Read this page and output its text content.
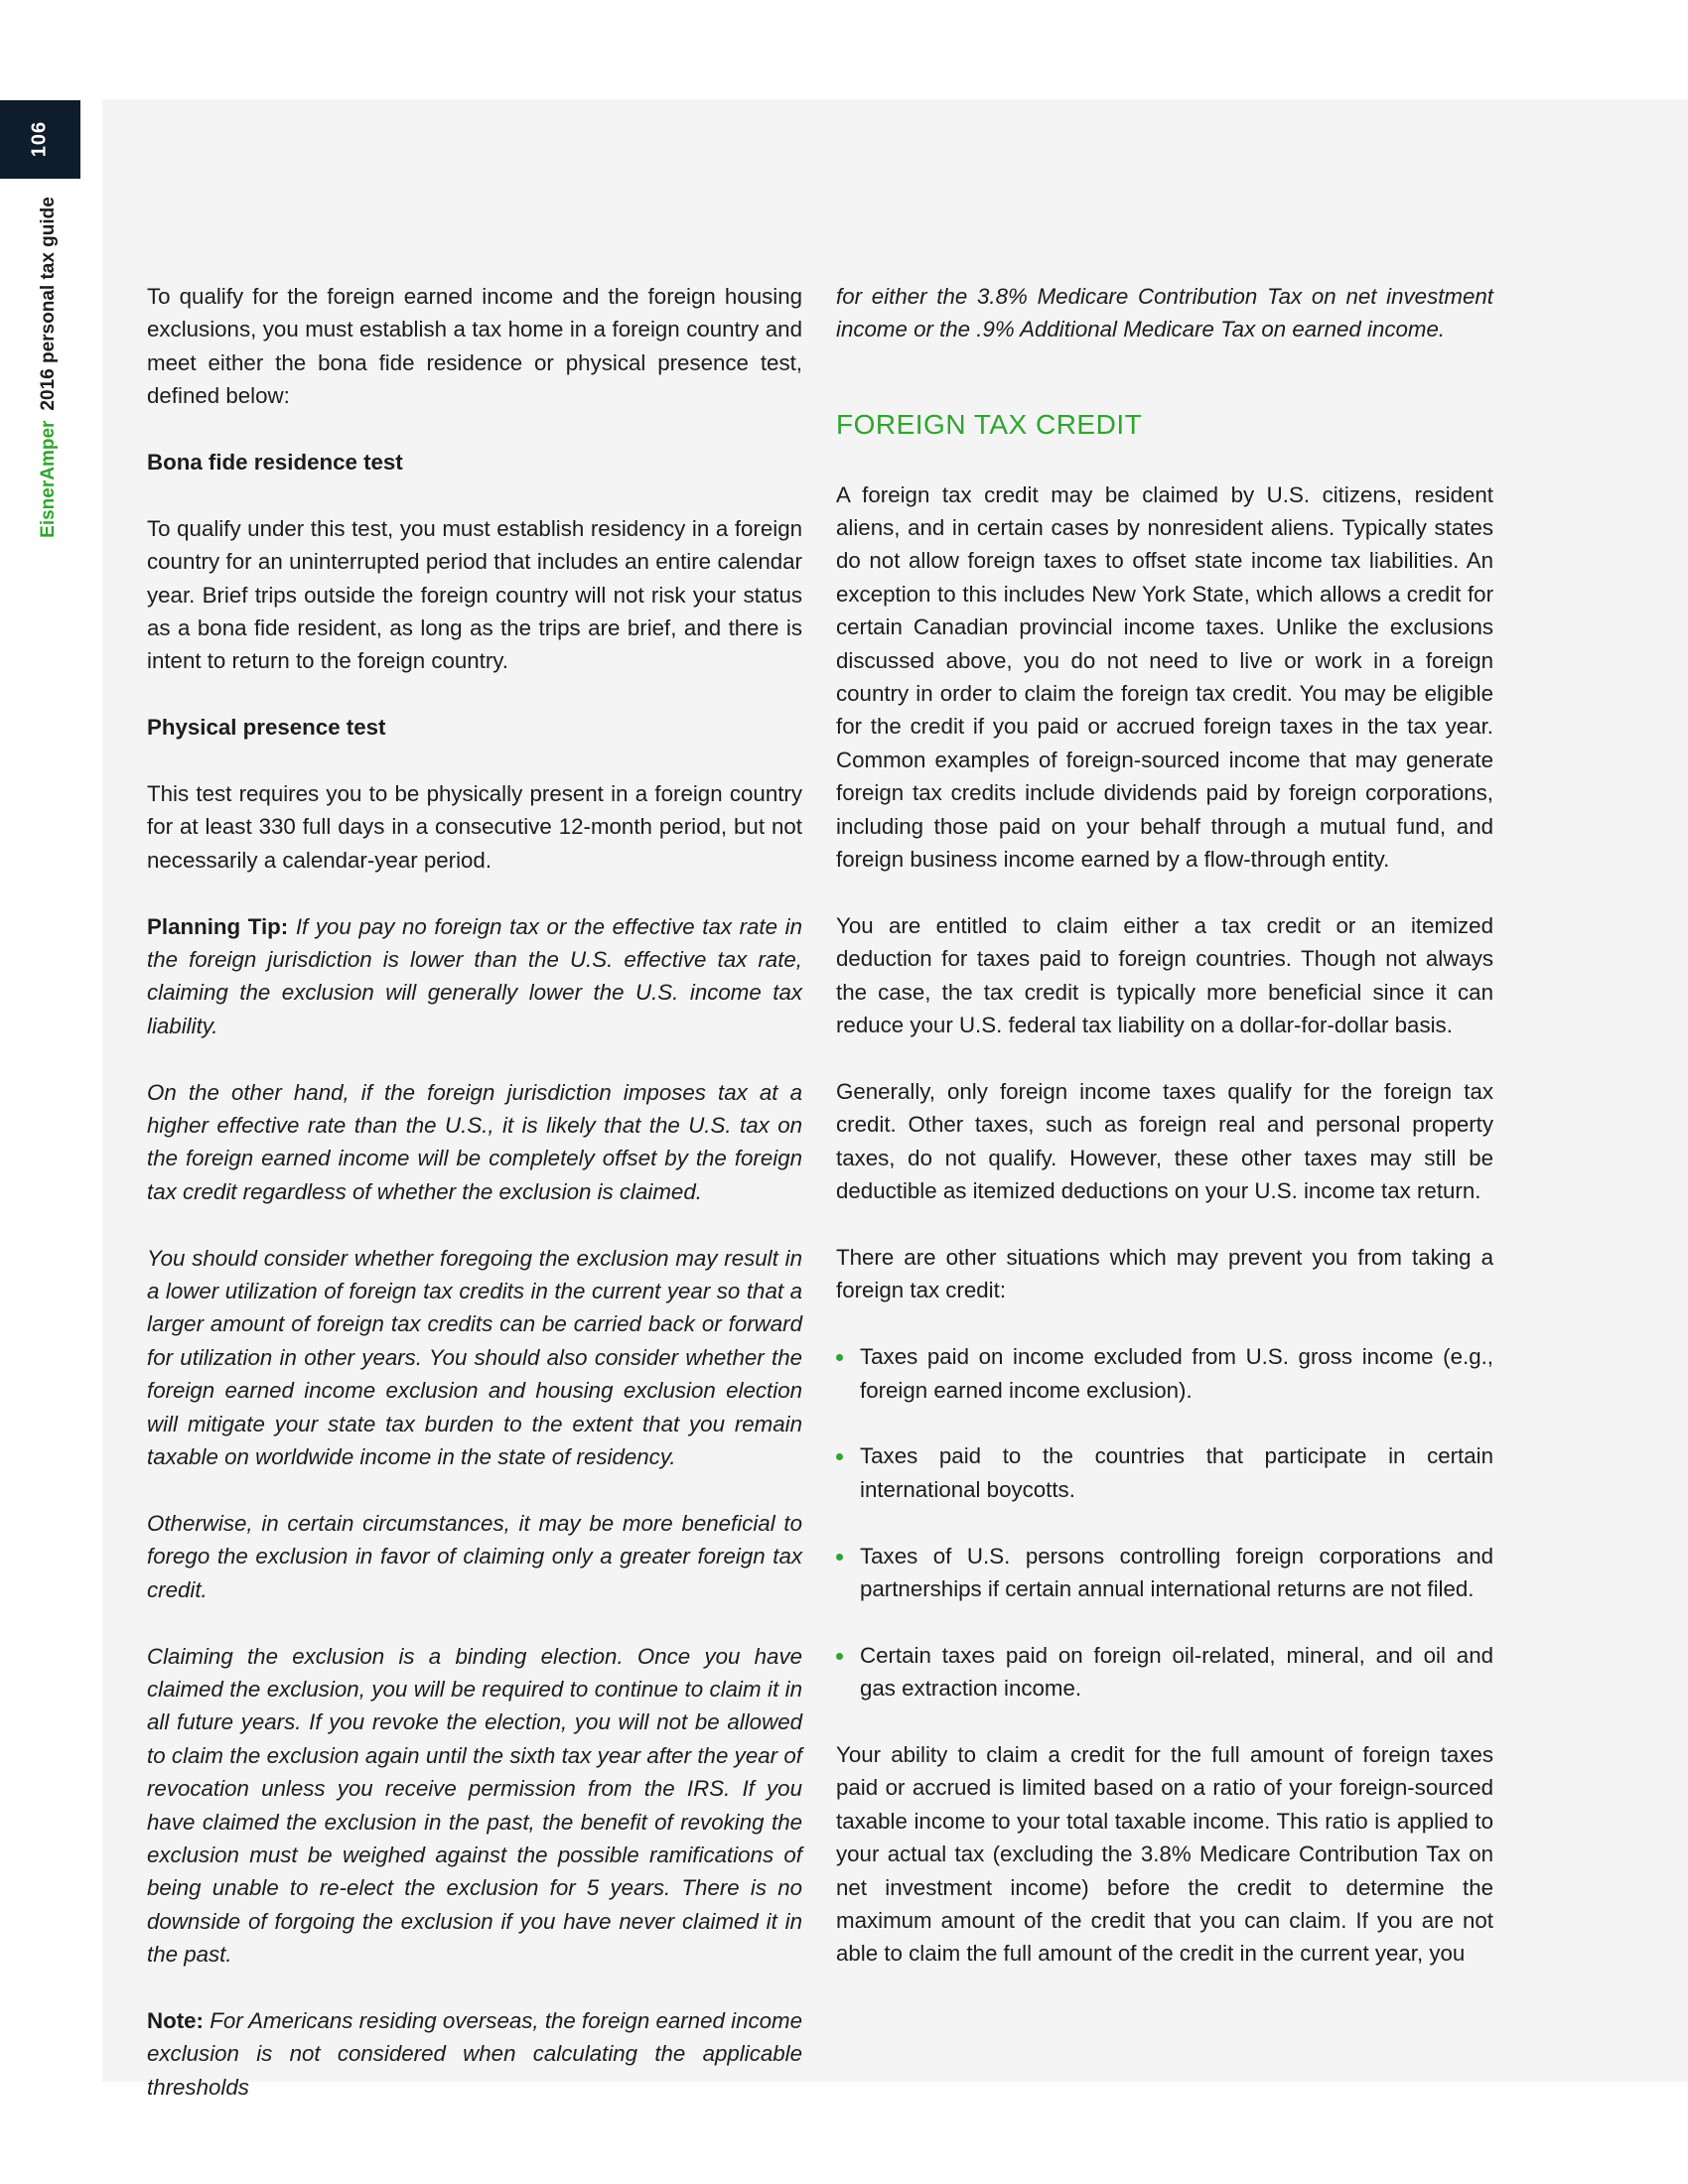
106
EisnerAmper2016 personal tax guide	To qualify for the foreign earned income and the foreign housing exclusions, you must establish a tax home in a foreign country and meet either the bona fide residence or physical presence test, defined below:

Bona fide residence test

To qualify under this test, you must establish residency in a foreign country for an uninterrupted period that includes an entire calendar year. Brief trips outside the foreign country will not risk your status as a bona fide resident, as long as the trips are brief, and there is intent to return to the foreign country.

Physical presence test

This test requires you to be physically present in a foreign country for at least 330 full days in a consecutive 12-month period, but not necessarily a calendar-year period.

Planning Tip: If you pay no foreign tax or the effective tax rate in the foreign jurisdiction is lower than the U.S. effective tax rate, claiming the exclusion will generally lower the U.S. income tax liability.

On the other hand, if the foreign jurisdiction imposes tax at a higher effective rate than the U.S., it is likely that the U.S. tax on the foreign earned income will be completely offset by the foreign tax credit regardless of whether the exclusion is claimed.

You should consider whether foregoing the exclusion may result in a lower utilization of foreign tax credits in the current year so that a larger amount of foreign tax credits can be carried back or forward for utilization in other years. You should also consider whether the foreign earned income exclusion and housing exclusion election will mitigate your state tax burden to the extent that you remain taxable on worldwide income in the state of residency.

Otherwise, in certain circumstances, it may be more beneficial to forego the exclusion in favor of claiming only a greater foreign tax credit.

Claiming the exclusion is a binding election. Once you have claimed the exclusion, you will be required to continue to claim it in all future years. If you revoke the election, you will not be allowed to claim the exclusion again until the sixth tax year after the year of revocation unless you receive permission from the IRS. If you have claimed the exclusion in the past, the benefit of revoking the exclusion must be weighed against the possible ramifications of being unable to re-elect the exclusion for 5 years. There is no downside of forgoing the exclusion if you have never claimed it in the past.

Note: For Americans residing overseas, the foreign earned income exclusion is not considered when calculating the applicable thresholds

for either the 3.8% Medicare Contribution Tax on net investment income or the .9% Additional Medicare Tax on earned income.

FOREIGN TAX CREDIT

A foreign tax credit may be claimed by U.S. citizens, resident aliens, and in certain cases by nonresident aliens. Typically states do not allow foreign taxes to offset state income tax liabilities. An exception to this includes New York State, which allows a credit for certain Canadian provincial income taxes. Unlike the exclusions discussed above, you do not need to live or work in a foreign country in order to claim the foreign tax credit. You may be eligible for the credit if you paid or accrued foreign taxes in the tax year. Common examples of foreign-sourced income that may generate foreign tax credits include dividends paid by foreign corporations, including those paid on your behalf through a mutual fund, and foreign business income earned by a flow-through entity.

You are entitled to claim either a tax credit or an itemized deduction for taxes paid to foreign countries. Though not always the case, the tax credit is typically more beneficial since it can reduce your U.S. federal tax liability on a dollar-for-dollar basis.

Generally, only foreign income taxes qualify for the foreign tax credit. Other taxes, such as foreign real and personal property taxes, do not qualify. However, these other taxes may still be deductible as itemized deductions on your U.S. income tax return.

There are other situations which may prevent you from taking a foreign tax credit:

Taxes paid on income excluded from U.S. gross income (e.g., foreign earned income exclusion).
Taxes paid to the countries that participate in certain international boycotts.
Taxes of U.S. persons controlling foreign corporations and partnerships if certain annual international returns are not filed.
Certain taxes paid on foreign oil-related, mineral, and oil and gas extraction income.

Your ability to claim a credit for the full amount of foreign taxes paid or accrued is limited based on a ratio of your foreign-sourced taxable income to your total taxable income. This ratio is applied to your actual tax (excluding the 3.8% Medicare Contribution Tax on net investment income) before the credit to determine the maximum amount of the credit that you can claim. If you are not able to claim the full amount of the credit in the current year, you
